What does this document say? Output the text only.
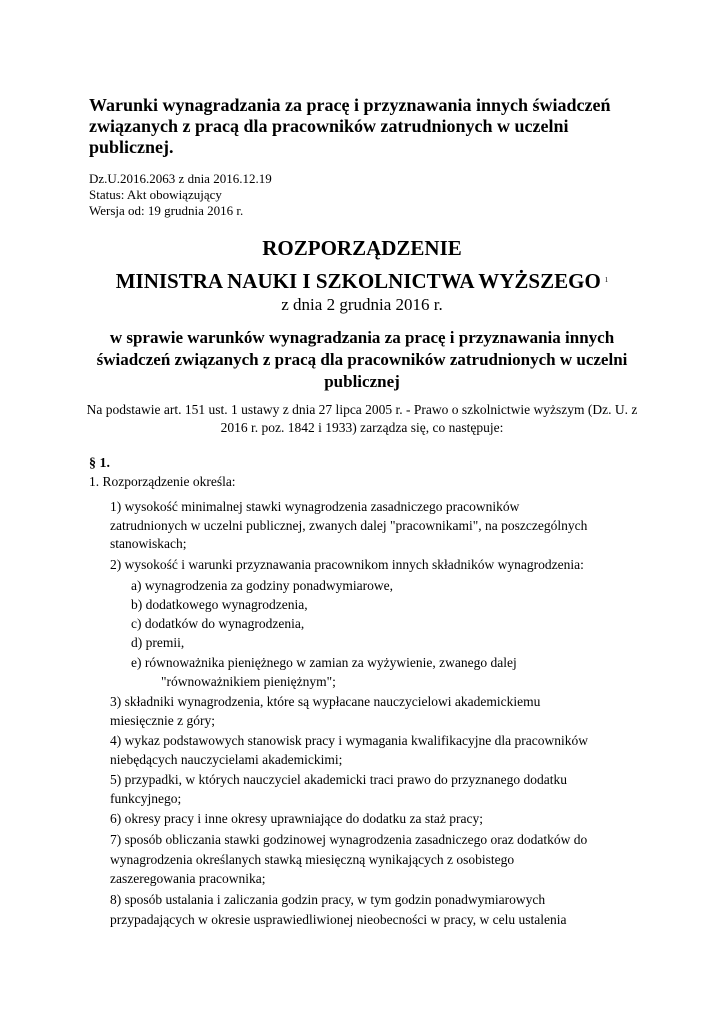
Warunki wynagradzania za pracę i przyznawania innych świadczeń związanych z pracą dla pracowników zatrudnionych w uczelni publicznej.
Dz.U.2016.2063 z dnia 2016.12.19
Status: Akt obowiązujący
Wersja od: 19 grudnia 2016 r.
ROZPORZĄDZENIE
MINISTRA NAUKI I SZKOLNICTWA WYŻSZEGO $^1$
z dnia 2 grudnia 2016 r.
w sprawie warunków wynagradzania za pracę i przyznawania innych świadczeń związanych z pracą dla pracowników zatrudnionych w uczelni publicznej
Na podstawie art. 151 ust. 1 ustawy z dnia 27 lipca 2005 r. - Prawo o szkolnictwie wyższym (Dz. U. z 2016 r. poz. 1842 i 1933) zarządza się, co następuje:
§ 1.
1. Rozporządzenie określa:
1) wysokość minimalnej stawki wynagrodzenia zasadniczego pracowników
zatrudnionych w uczelni publicznej, zwanych dalej "pracownikami", na poszczególnych
stanowiskach;
2) wysokość i warunki przyznawania pracownikom innych składników wynagrodzenia:
a) wynagrodzenia za godziny ponadwymiarowe,
b) dodatkowego wynagrodzenia,
c) dodatków do wynagrodzenia,
d) premii,
e) równoważnika pieniężnego w zamian za wyżywienie, zwanego dalej
"równoważnikiem pieniężnym";
3) składniki wynagrodzenia, które są wypłacane nauczycielowi akademickiemu
miesięcznie z góry;
4) wykaz podstawowych stanowisk pracy i wymagania kwalifikacyjne dla pracowników
niebędących nauczycielami akademickimi;
5) przypadki, w których nauczyciel akademicki traci prawo do przyznanego dodatku
funkcyjnego;
6) okresy pracy i inne okresy uprawniające do dodatku za staż pracy;
7) sposób obliczania stawki godzinowej wynagrodzenia zasadniczego oraz dodatków do
wynagrodzenia określanych stawką miesięczną wynikających z osobistego
zaszeregowania pracownika;
8) sposób ustalania i zaliczania godzin pracy, w tym godzin ponadwymiarowych
przypadających w okresie usprawiedliwionej nieobecności w pracy, w celu ustalenia
